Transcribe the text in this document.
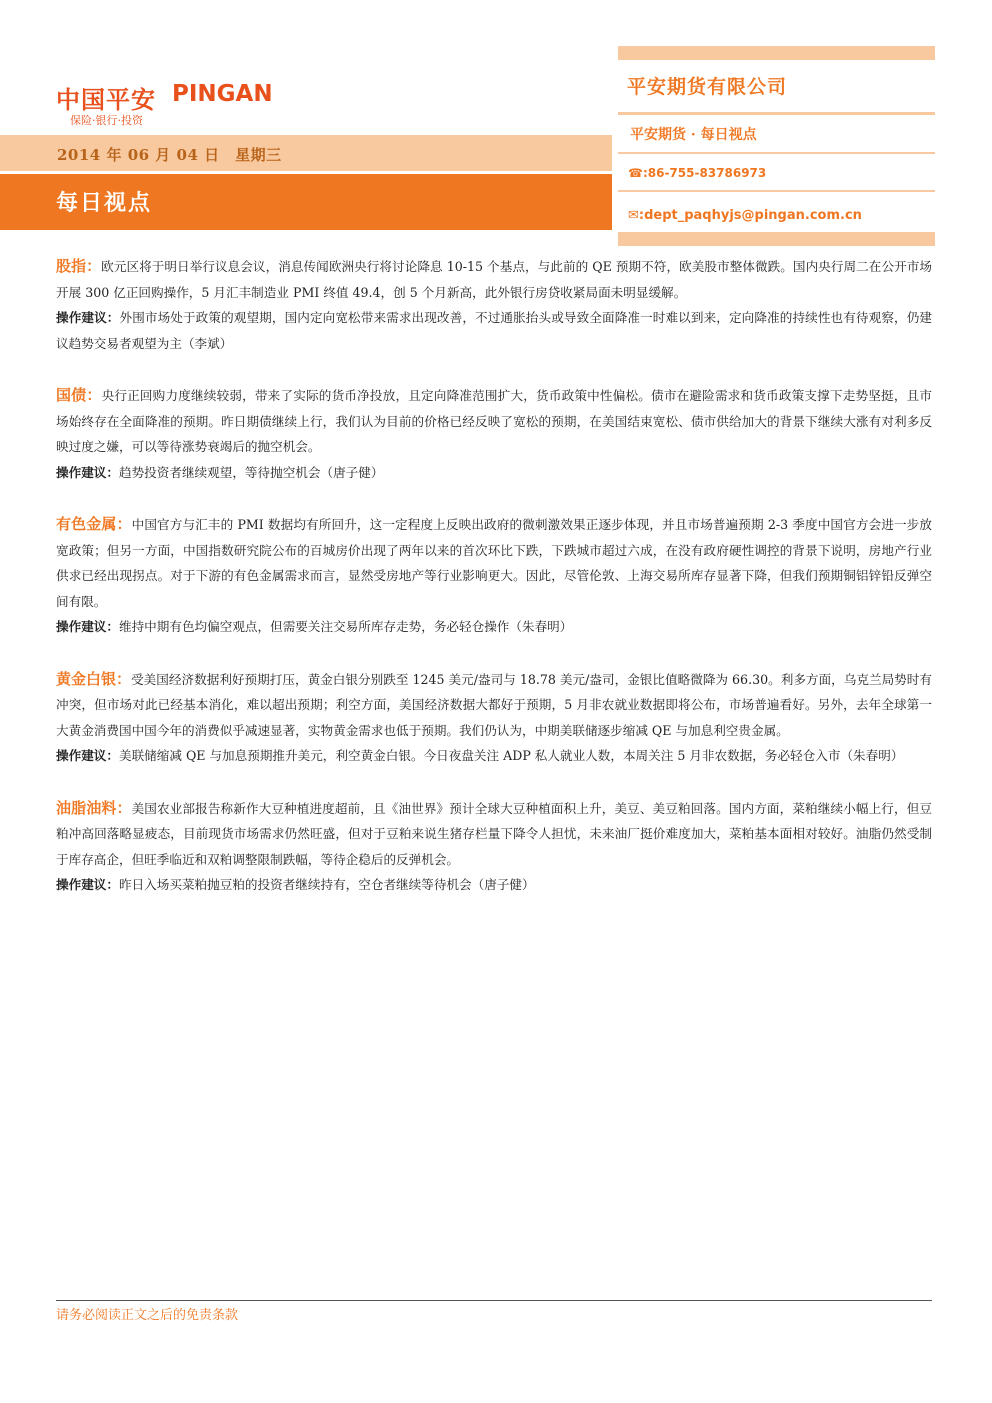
中国平安 PINGAN
保险·银行·投资
2014 年 06 月 04 日　星期三
每日视点
平安期货有限公司
平安期货 · 每日视点
☎:86-755-83786973
✉:dept_paqhyjs@pingan.com.cn

股指：欧元区将于明日举行议息会议，消息传闻欧洲央行将讨论降息 10-15 个基点，与此前的 QE 预期不符，欧美股市整体微跌。国内央行周二在公开市场开展 300 亿正回购操作，5 月汇丰制造业 PMI 终值 49.4，创 5 个月新高，此外银行房贷收紧局面未明显缓解。

操作建议：外围市场处于政策的观望期，国内定向宽松带来需求出现改善，不过通胀抬头或导致全面降准一时难以到来，定向降准的持续性也有待观察，仍建议趋势交易者观望为主（李斌）

国债：央行正回购力度继续较弱，带来了实际的货币净投放，且定向降准范围扩大，货币政策中性偏松。债市在避险需求和货币政策支撑下走势坚挺，且市场始终存在全面降准的预期。昨日期债继续上行，我们认为目前的价格已经反映了宽松的预期，在美国结束宽松、债市供给加大的背景下继续大涨有对利多反映过度之嫌，可以等待涨势衰竭后的抛空机会。

操作建议：趋势投资者继续观望，等待抛空机会（唐子健）

有色金属：中国官方与汇丰的 PMI 数据均有所回升，这一定程度上反映出政府的微刺激效果正逐步体现，并且市场普遍预期 2-3 季度中国官方会进一步放宽政策；但另一方面，中国指数研究院公布的百城房价出现了两年以来的首次环比下跌，下跌城市超过六成，在没有政府硬性调控的背景下说明，房地产行业供求已经出现拐点。对于下游的有色金属需求而言，显然受房地产等行业影响更大。因此，尽管伦敦、上海交易所库存显著下降，但我们预期铜铝锌铅反弹空间有限。

操作建议：维持中期有色均偏空观点，但需要关注交易所库存走势，务必轻仓操作（朱春明）

黄金白银：受美国经济数据利好预期打压，黄金白银分别跌至 1245 美元/盎司与 18.78 美元/盎司，金银比值略微降为 66.30。利多方面，乌克兰局势时有冲突，但市场对此已经基本消化，难以超出预期；利空方面，美国经济数据大都好于预期，5 月非农就业数据即将公布，市场普遍看好。另外，去年全球第一大黄金消费国中国今年的消费似乎减速显著，实物黄金需求也低于预期。我们仍认为，中期美联储逐步缩减 QE 与加息利空贵金属。

操作建议：美联储缩减 QE 与加息预期推升美元，利空黄金白银。今日夜盘关注 ADP 私人就业人数，本周关注 5 月非农数据，务必轻仓入市（朱春明）

油脂油料：美国农业部报告称新作大豆种植进度超前，且《油世界》预计全球大豆种植面积上升，美豆、美豆粕回落。国内方面，菜粕继续小幅上行，但豆粕冲高回落略显疲态，目前现货市场需求仍然旺盛，但对于豆粕来说生猪存栏量下降令人担忧，未来油厂挺价难度加大，菜粕基本面相对较好。油脂仍然受制于库存高企，但旺季临近和双粕调整限制跌幅，等待企稳后的反弹机会。

操作建议：昨日入场买菜粕抛豆粕的投资者继续持有，空仓者继续等待机会（唐子健）

请务必阅读正文之后的免责条款
